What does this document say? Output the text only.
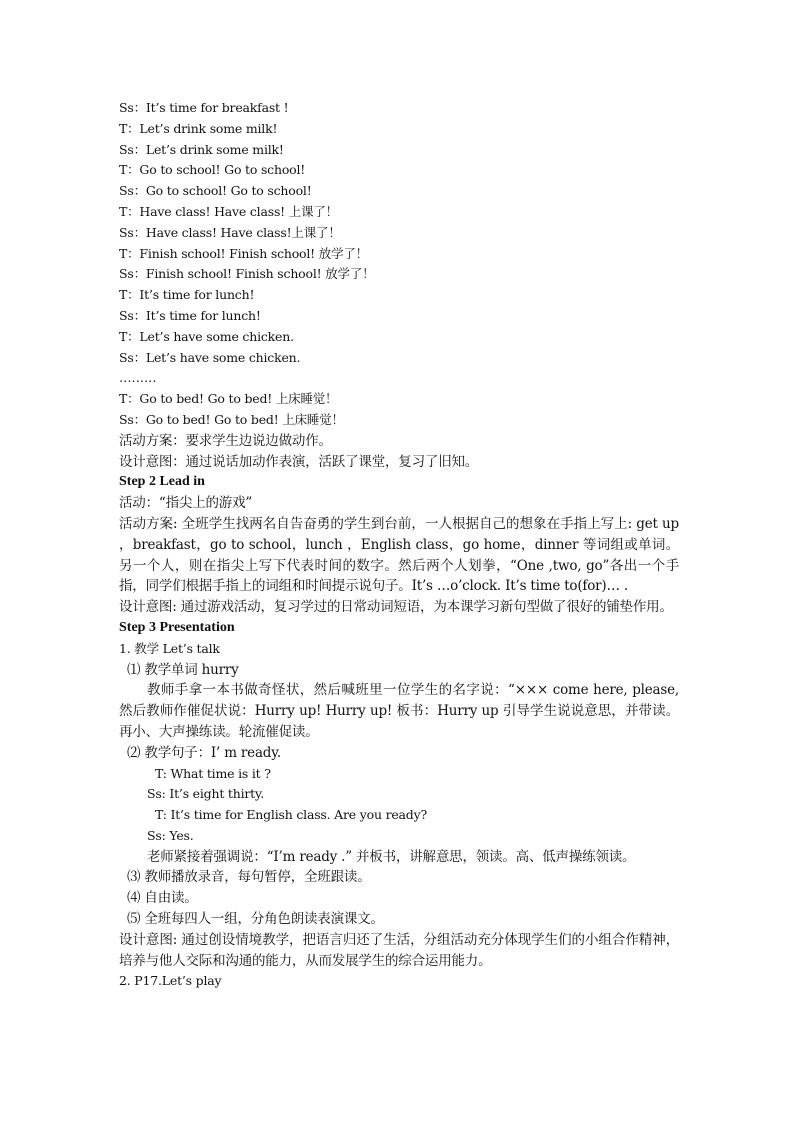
Ss：It’s time for breakfast !
T：Let’s drink some milk!
Ss：Let’s drink some milk!
T：Go to school! Go to school!
Ss：Go to school! Go to school!
T：Have class! Have class! 上课了！
Ss：Have class! Have class!上课了！
T：Finish school! Finish school! 放学了！
Ss：Finish school! Finish school! 放学了！
T：It’s time for lunch!
Ss：It’s time for lunch!
T：Let’s have some chicken.
Ss：Let’s have some chicken.
………
T：Go to bed! Go to bed! 上床睡觉！
Ss：Go to bed! Go to bed! 上床睡觉！
活动方案：要求学生边说边做动作。
设计意图：通过说话加动作表演，活跃了课堂，复习了旧知。
Step 2 Lead in
活动：“指尖上的游戏”
活动方案: 全班学生找两名自告奋勇的学生到台前，一人根据自己的想象在手指上写上: get up ，breakfast，go to school，lunch ，English class，go home，dinner 等词组或单词。另一个人，则在指尖上写下代表时间的数字。然后两个人划拳，“One ,two, go”各出一个手指，同学们根据手指上的词组和时间提示说句子。It’s …o’clock. It’s time to(for)… .
设计意图: 通过游戏活动，复习学过的日常动词短语，为本课学习新句型做了很好的铺垫作用。
Step 3 Presentation
1. 教学 Let’s talk
⑴ 教学单词 hurry
教师手拿一本书做奇怪状，然后喊班里一位学生的名字说：“××× come here, please, 然后教师作催促状说：Hurry up! Hurry up! 板书：Hurry up 引导学生说说意思，并带读。再小、大声操练读。轮流催促读。
⑵ 教学句子：I’ m ready.
T: What time is it ?
Ss: It’s eight thirty.
T: It’s time for English class. Are you ready?
Ss: Yes.
老师紧接着强调说：“I’m ready .” 并板书，讲解意思，领读。高、低声操练领读。
⑶ 教师播放录音，每句暂停，全班跟读。
⑷ 自由读。
⑸ 全班每四人一组，分角色朗读表演课文。
设计意图: 通过创设情境教学，把语言归还了生活，分组活动充分体现学生们的小组合作精神，培养与他人交际和沟通的能力，从而发展学生的综合运用能力。
2. P17.Let’s play
